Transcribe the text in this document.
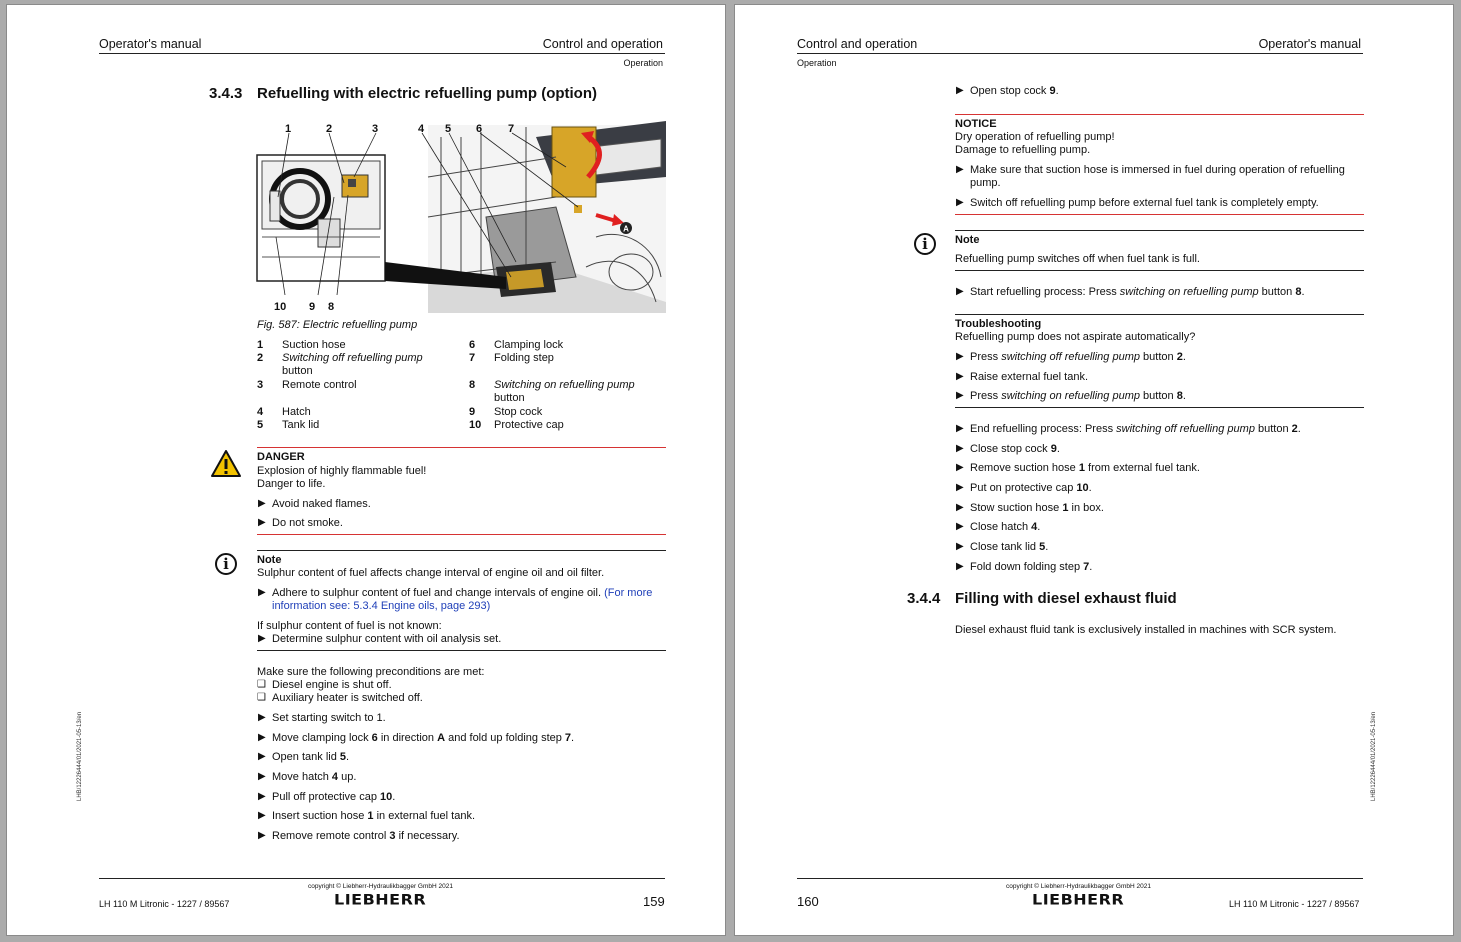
Operator's manual	Control and operation
Operation
3.4.3 Refuelling with electric refuelling pump (option)
A
1	2	3	4 5 6 7
10 9 8
Fig. 587: Electric refuelling pump
1 Suction hose
2 Switching off refuelling pump
button
3 Remote control
4 Hatch
5 Tank lid
6 Clamping lock
7 Folding step
8 Switching on refuelling pump
button
9 Stop cock
10 Protective cap
DANGER
Explosion of highly flammable fuel!
Danger to life.
▶ Avoid naked flames.
▶ Do not smoke.
i	Note
Sulphur content of fuel affects change interval of engine oil and oil filter.
▶ Adhere to sulphur content of fuel and change intervals of engine oil. (For more
information see: 5.3.4 Engine oils, page 293)
If sulphur content of fuel is not known:
▶ Determine sulphur content with oil analysis set.
Make sure the following preconditions are met:
❑ Diesel engine is shut off.
❑ Auxiliary heater is switched off.
▶ Set starting switch to 1.
▶ Move clamping lock 6 in direction A and fold up folding step 7.
▶ Open tank lid 5.
▶ Move hatch 4 up.
▶ Pull off protective cap 10.
▶ Insert suction hose 1 in external fuel tank.
▶ Remove remote control 3 if necessary.
LHB/12226444/01/2021-05-13/en
copyright © Liebherr-Hydraulikbagger GmbH 2021
LIEBHERR
LH 110 M Litronic - 1227 / 89567	159
Control and operation	Operator's manual
Operation
▶ Open stop cock 9.
NOTICE
Dry operation of refuelling pump!
Damage to refuelling pump.
▶ Make sure that suction hose is immersed in fuel during operation of refuelling
pump.
▶ Switch off refuelling pump before external fuel tank is completely empty.
i	Note
Refuelling pump switches off when fuel tank is full.
▶ Start refuelling process: Press switching on refuelling pump button 8.
Troubleshooting
Refuelling pump does not aspirate automatically?
▶ Press switching off refuelling pump button 2.
▶ Raise external fuel tank.
▶ Press switching on refuelling pump button 8.
▶ End refuelling process: Press switching off refuelling pump button 2.
▶ Close stop cock 9.
▶ Remove suction hose 1 from external fuel tank.
▶ Put on protective cap 10.
▶ Stow suction hose 1 in box.
▶ Close hatch 4.
▶ Close tank lid 5.
▶ Fold down folding step 7.
3.4.4 Filling with diesel exhaust fluid
Diesel exhaust fluid tank is exclusively installed in machines with SCR system.
LHB/12226444/01/2021-05-13/en
copyright © Liebherr-Hydraulikbagger GmbH 2021
LIEBHERR
160	LH 110 M Litronic - 1227 / 89567
